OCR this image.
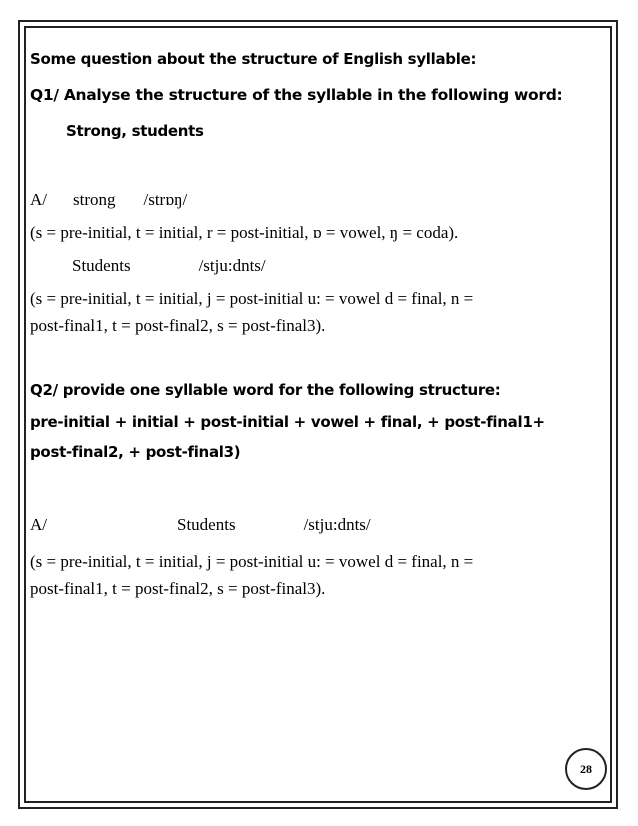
Some question about the structure of English syllable:

Q1/ Analyse the structure of the syllable in the following word:

Strong, students

A/ strong /strɒŋ/

(s = pre-initial, t = initial, r = post-initial, ɒ = vowel, ŋ = coda).

Students	/stju:dnts/

(s = pre-initial, t = initial, j = post-initial u: = vowel d = final, n =

post-final1, t = post-final2, s = post-final3).

Q2/ provide one syllable word for the following structure:

pre-initial + initial + post-initial + vowel + final, + post-final1+

post-final2, + post-final3)

A/	Students	/stju:dnts/

(s = pre-initial, t = initial, j = post-initial u: = vowel d = final, n =

post-final1, t = post-final2, s = post-final3).

28
